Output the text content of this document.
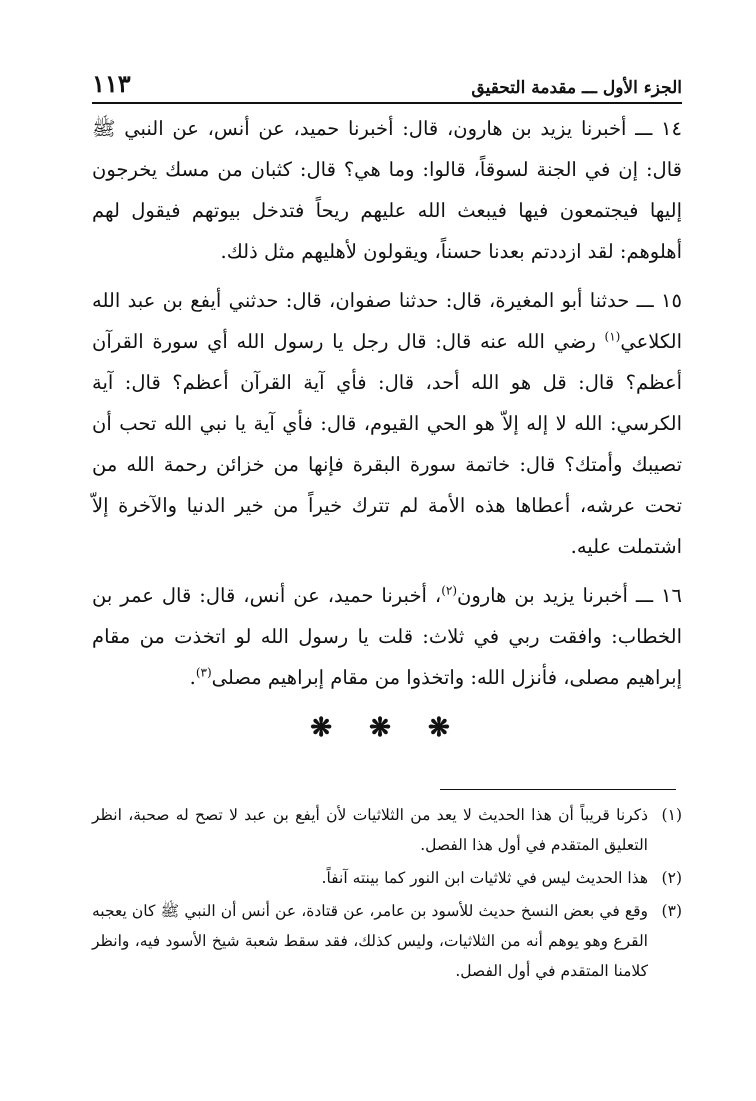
الجزء الأول ـــ مقدمة التحقيق
١١٣

١٤ ـــ أخبرنا يزيد بن هارون، قال: أخبرنا حميد، عن أنس، عن النبي ﷺ قال: إن في الجنة لسوقاً، قالوا: وما هي؟ قال: كثبان من مسك يخرجون إليها فيجتمعون فيها فيبعث الله عليهم ريحاً فتدخل بيوتهم فيقول لهم أهلوهم: لقد ازددتم بعدنا حسناً، ويقولون لأهليهم مثل ذلك.

١٥ ـــ حدثنا أبو المغيرة، قال: حدثنا صفوان، قال: حدثني أيفع بن عبد الله الكلاعي$^{(١)}$ رضي الله عنه قال: قال رجل يا رسول الله أي سورة القرآن أعظم؟ قال: قل هو الله أحد، قال: فأي آية القرآن أعظم؟ قال: آية الكرسي: الله لا إله إلاّ هو الحي القيوم، قال: فأي آية يا نبي الله تحب أن تصيبك وأمتك؟ قال: خاتمة سورة البقرة فإنها من خزائن رحمة الله من تحت عرشه، أعطاها هذه الأمة لم تترك خيراً من خير الدنيا والآخرة إلاّ اشتملت عليه.

١٦ ـــ أخبرنا يزيد بن هارون$^{(٢)}$، أخبرنا حميد، عن أنس، قال: قال عمر بن الخطاب: وافقت ربي في ثلاث: قلت يا رسول الله لو اتخذت من مقام إبراهيم مصلى، فأنزل الله: واتخذوا من مقام إبراهيم مصلى$^{(٣)}$.

❋ ❋ ❋
(١)
ذكرنا قريباً أن هذا الحديث لا يعد من الثلاثيات لأن أيفع بن عبد لا تصح له صحبة، انظر التعليق المتقدم في أول هذا الفصل.
(٢)
هذا الحديث ليس في ثلاثيات ابن النور كما بينته آنفاً.
(٣)
وقع في بعض النسخ حديث للأسود بن عامر، عن قتادة، عن أنس أن النبي ﷺ كان يعجبه القرع وهو يوهم أنه من الثلاثيات، وليس كذلك، فقد سقط شعبة شيخ الأسود فيه، وانظر كلامنا المتقدم في أول الفصل.
